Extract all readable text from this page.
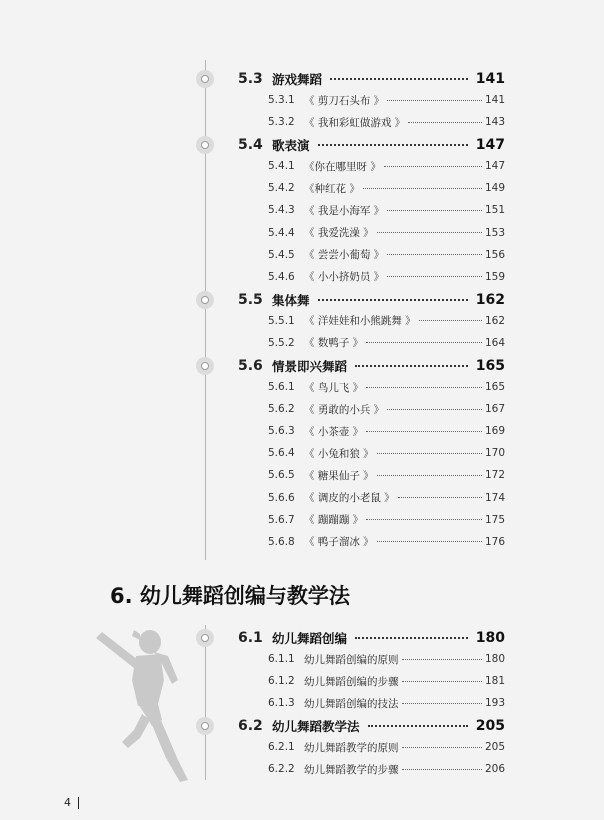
5.3 游戏舞蹈	141
5.3.1 《 剪刀石头布 》	141
5.3.2 《 我和彩虹做游戏 》	143
5.4 歌表演	147
5.4.1 《你在哪里呀 》	147
5.4.2 《种红花 》	149
5.4.3 《 我是小海军 》	151
5.4.4 《 我爱洗澡 》	153
5.4.5 《 尝尝小葡萄 》	156
5.4.6 《 小小挤奶员 》	159
5.5 集体舞	162
5.5.1 《 洋娃娃和小熊跳舞 》	162
5.5.2 《 数鸭子 》	164
5.6 情景即兴舞蹈	165
5.6.1 《 鸟儿飞 》	165
5.6.2 《 勇敢的小兵 》	167
5.6.3 《 小茶壶 》	169
5.6.4 《 小兔和狼 》	170
5.6.5 《 糖果仙子 》	172
5.6.6 《 调皮的小老鼠 》	174
5.6.7 《 蹦蹦蹦 》	175
5.6.8 《 鸭子溜冰 》	176
6. 幼儿舞蹈创编与教学法
6.1 幼儿舞蹈创编	180
6.1.1 幼儿舞蹈创编的原则	180
6.1.2 幼儿舞蹈创编的步骤	181
6.1.3 幼儿舞蹈创编的技法	193
6.2 幼儿舞蹈教学法	205
6.2.1 幼儿舞蹈教学的原则	205
6.2.2 幼儿舞蹈教学的步骤	206
4
